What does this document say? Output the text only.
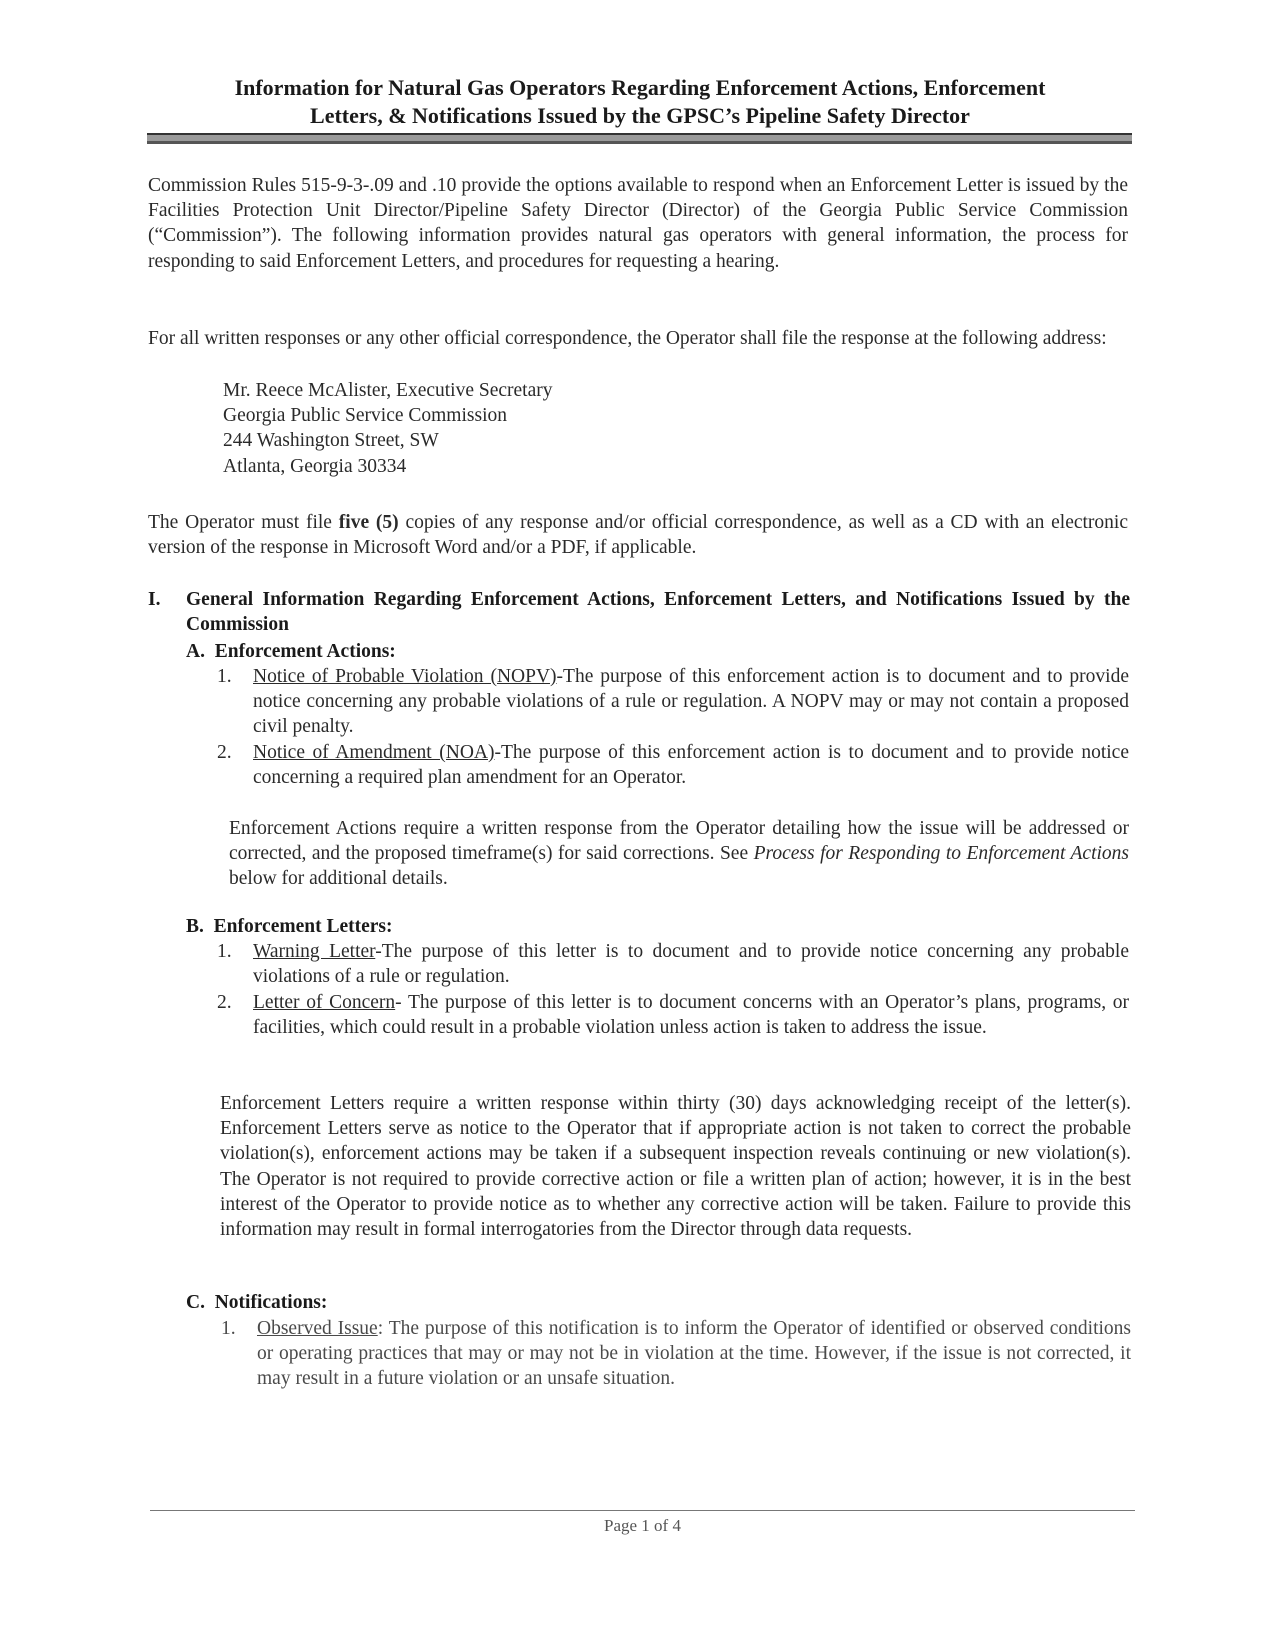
Information for Natural Gas Operators Regarding Enforcement Actions, Enforcement
Letters, & Notifications Issued by the GPSC’s Pipeline Safety Director
Commission Rules 515-9-3-.09 and .10 provide the options available to respond when an Enforcement Letter is issued by the Facilities Protection Unit Director/Pipeline Safety Director (Director) of the Georgia Public Service Commission (“Commission”). The following information provides natural gas operators with general information, the process for responding to said Enforcement Letters, and procedures for requesting a hearing.
For all written responses or any other official correspondence, the Operator shall file the response at the following address:
Mr. Reece McAlister, Executive Secretary
Georgia Public Service Commission
244 Washington Street, SW
Atlanta, Georgia 30334
The Operator must file five (5) copies of any response and/or official correspondence, as well as a CD with an electronic version of the response in Microsoft Word and/or a PDF, if applicable.
I. General Information Regarding Enforcement Actions, Enforcement Letters, and Notifications Issued by the Commission
A. Enforcement Actions:
1. Notice of Probable Violation (NOPV)-The purpose of this enforcement action is to document and to provide notice concerning any probable violations of a rule or regulation. A NOPV may or may not contain a proposed civil penalty.
2. Notice of Amendment (NOA)-The purpose of this enforcement action is to document and to provide notice concerning a required plan amendment for an Operator.
Enforcement Actions require a written response from the Operator detailing how the issue will be addressed or corrected, and the proposed timeframe(s) for said corrections. See Process for Responding to Enforcement Actions below for additional details.
B. Enforcement Letters:
1. Warning Letter-The purpose of this letter is to document and to provide notice concerning any probable violations of a rule or regulation.
2. Letter of Concern- The purpose of this letter is to document concerns with an Operator’s plans, programs, or facilities, which could result in a probable violation unless action is taken to address the issue.
Enforcement Letters require a written response within thirty (30) days acknowledging receipt of the letter(s). Enforcement Letters serve as notice to the Operator that if appropriate action is not taken to correct the probable violation(s), enforcement actions may be taken if a subsequent inspection reveals continuing or new violation(s). The Operator is not required to provide corrective action or file a written plan of action; however, it is in the best interest of the Operator to provide notice as to whether any corrective action will be taken. Failure to provide this information may result in formal interrogatories from the Director through data requests.
C. Notifications:
1. Observed Issue: The purpose of this notification is to inform the Operator of identified or observed conditions or operating practices that may or may not be in violation at the time. However, if the issue is not corrected, it may result in a future violation or an unsafe situation.
Page 1 of 4
